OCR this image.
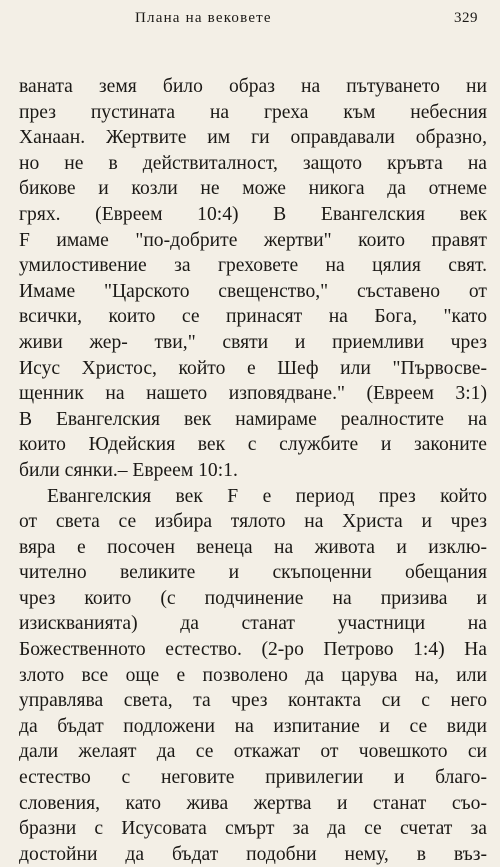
Плана на вековете	329
ваната земя било образ на пътуването ни
през пустината на греха към небесния
Ханаан. Жертвите им ги оправдавали образно,
но не в действиталност, защото кръвта на
бикове и козли не може никога да отнеме
грях. (Евреем 10:4) В Евангелския век
F имаме "по-добрите жертви" които правят
умилостивение за греховете на цялия свят.
Имаме "Царското свещенство," съставено от
всички, които се принасят на Бога, "като
живи жер- тви," святи и приемливи чрез
Исус Христос, който е Шеф или "Първосве-
щенник на нашето изповядване." (Евреем 3:1)
В Евангелския век намираме реалностите на
които Юдейския век с службите и законите
били сянки.– Евреем 10:1.
Евангелския век F е период през който
от света се избира тялото на Христа и чрез
вяра е посочен венеца на живота и изклю-
чително великите и скъпоценни обещания
чрез които (с подчинение на призива и
изискванията) да станат участници на
Божественното естество. (2-ро Петрово 1:4) На
злото все още е позволено да царува на, или
управлява света, та чрез контакта си с него
да бъдат подложени на изпитание и се види
дали желаят да се откажат от човешкото си
естество с неговите привилегии и благо-
словения, като жива жертва и станат съо-
бразни с Исусовата смърт за да се счетат за
достойни да бъдат подобни нему, в въз-
